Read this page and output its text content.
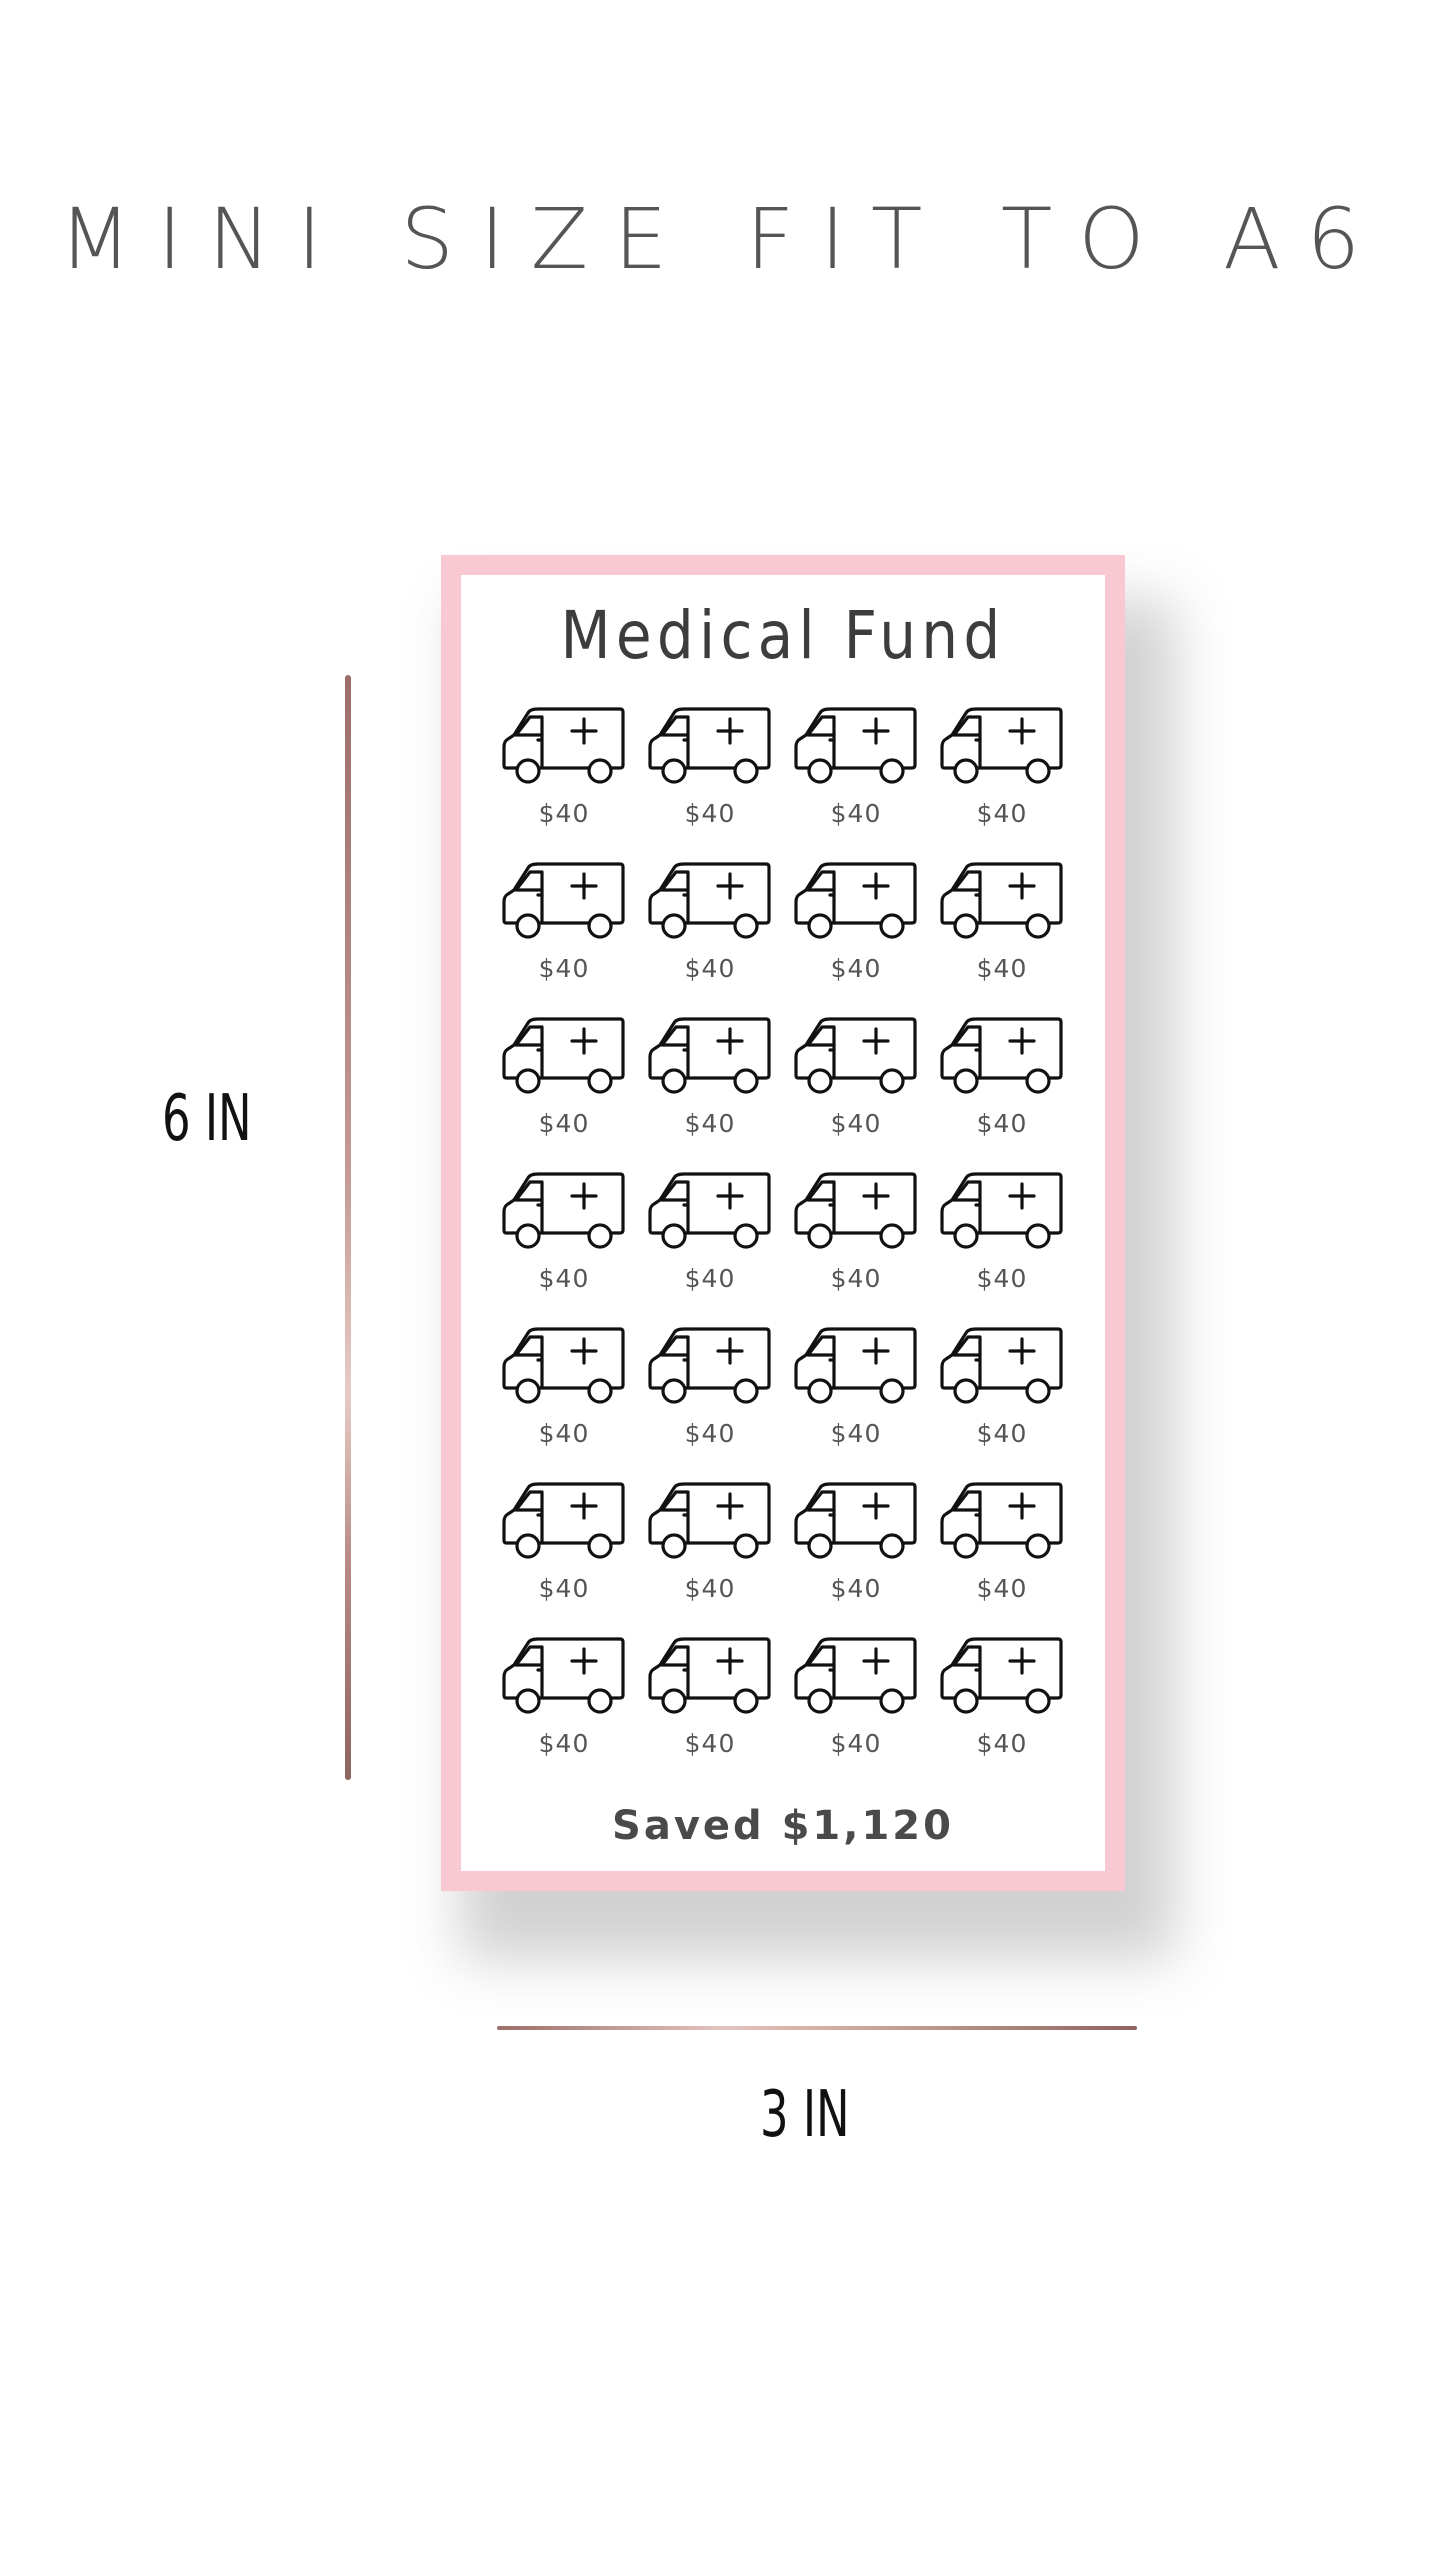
MINI SIZE FIT TO A6
6 IN
Medical Fund
$40	$40	$40	$40
$40	$40	$40	$40
$40	$40	$40	$40
$40	$40	$40	$40
$40	$40	$40	$40
$40	$40	$40	$40
$40	$40	$40	$40
Saved $1,120
3 IN
